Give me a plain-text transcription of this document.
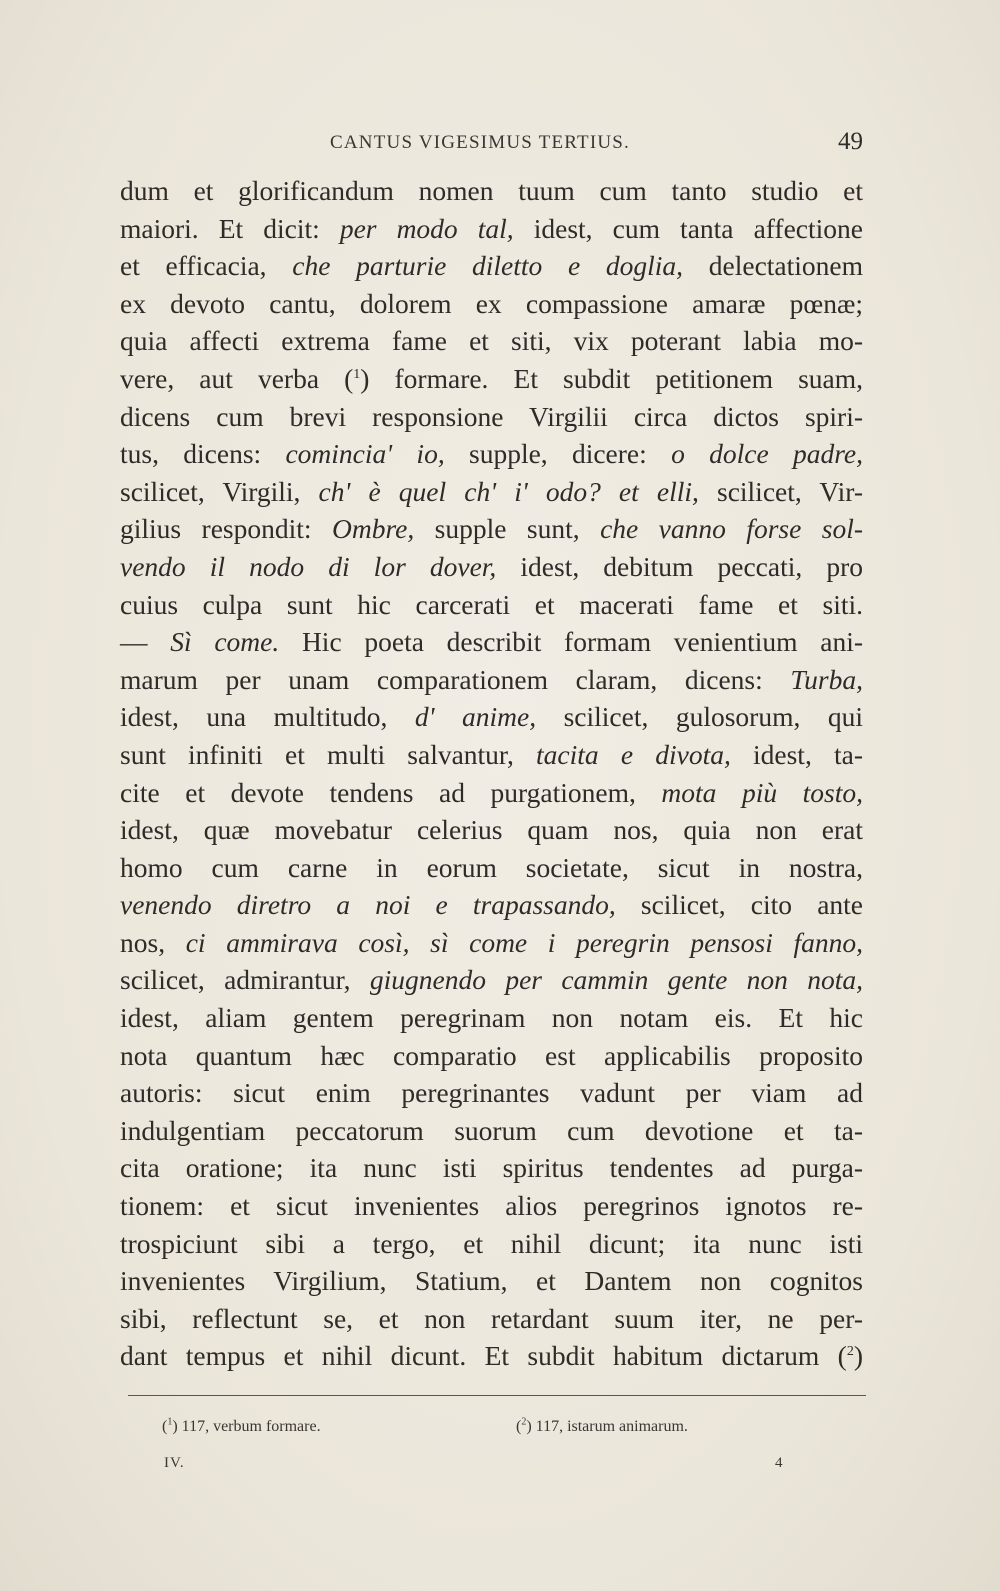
CANTUS VIGESIMUS TERTIUS.	49
dum et glorificandum nomen tuum cum tanto studio et
maiori. Et dicit: per modo tal, idest, cum tanta affectione
et efficacia, che parturie diletto e doglia, delectationem
ex devoto cantu, dolorem ex compassione amaræ pœnæ;
quia affecti extrema fame et siti, vix poterant labia mo-
vere, aut verba ($^1$) formare. Et subdit petitionem suam,
dicens cum brevi responsione Virgilii circa dictos spiri-
tus, dicens: comincia' io, supple, dicere: o dolce padre,
scilicet, Virgili, ch' è quel ch' i' odo? et elli, scilicet, Vir-
gilius respondit: Ombre, supple sunt, che vanno forse sol-
vendo il nodo di lor dover, idest, debitum peccati, pro
cuius culpa sunt hic carcerati et macerati fame et siti.
— Sì come. Hic poeta describit formam venientium ani-
marum per unam comparationem claram, dicens: Turba,
idest, una multitudo, d' anime, scilicet, gulosorum, qui
sunt infiniti et multi salvantur, tacita e divota, idest, ta-
cite et devote tendens ad purgationem, mota più tosto,
idest, quæ movebatur celerius quam nos, quia non erat
homo cum carne in eorum societate, sicut in nostra,
venendo diretro a noi e trapassando, scilicet, cito ante
nos, ci ammirava così, sì come i peregrin pensosi fanno,
scilicet, admirantur, giugnendo per cammin gente non nota,
idest, aliam gentem peregrinam non notam eis. Et hic
nota quantum hæc comparatio est applicabilis proposito
autoris: sicut enim peregrinantes vadunt per viam ad
indulgentiam peccatorum suorum cum devotione et ta-
cita oratione; ita nunc isti spiritus tendentes ad purga-
tionem: et sicut invenientes alios peregrinos ignotos re-
trospiciunt sibi a tergo, et nihil dicunt; ita nunc isti
invenientes Virgilium, Statium, et Dantem non cognitos
sibi, reflectunt se, et non retardant suum iter, ne per-
dant tempus et nihil dicunt. Et subdit habitum dictarum ($^2$)
($^1$) 117, verbum formare.	($^2$) 117, istarum animarum.
IV.	4
